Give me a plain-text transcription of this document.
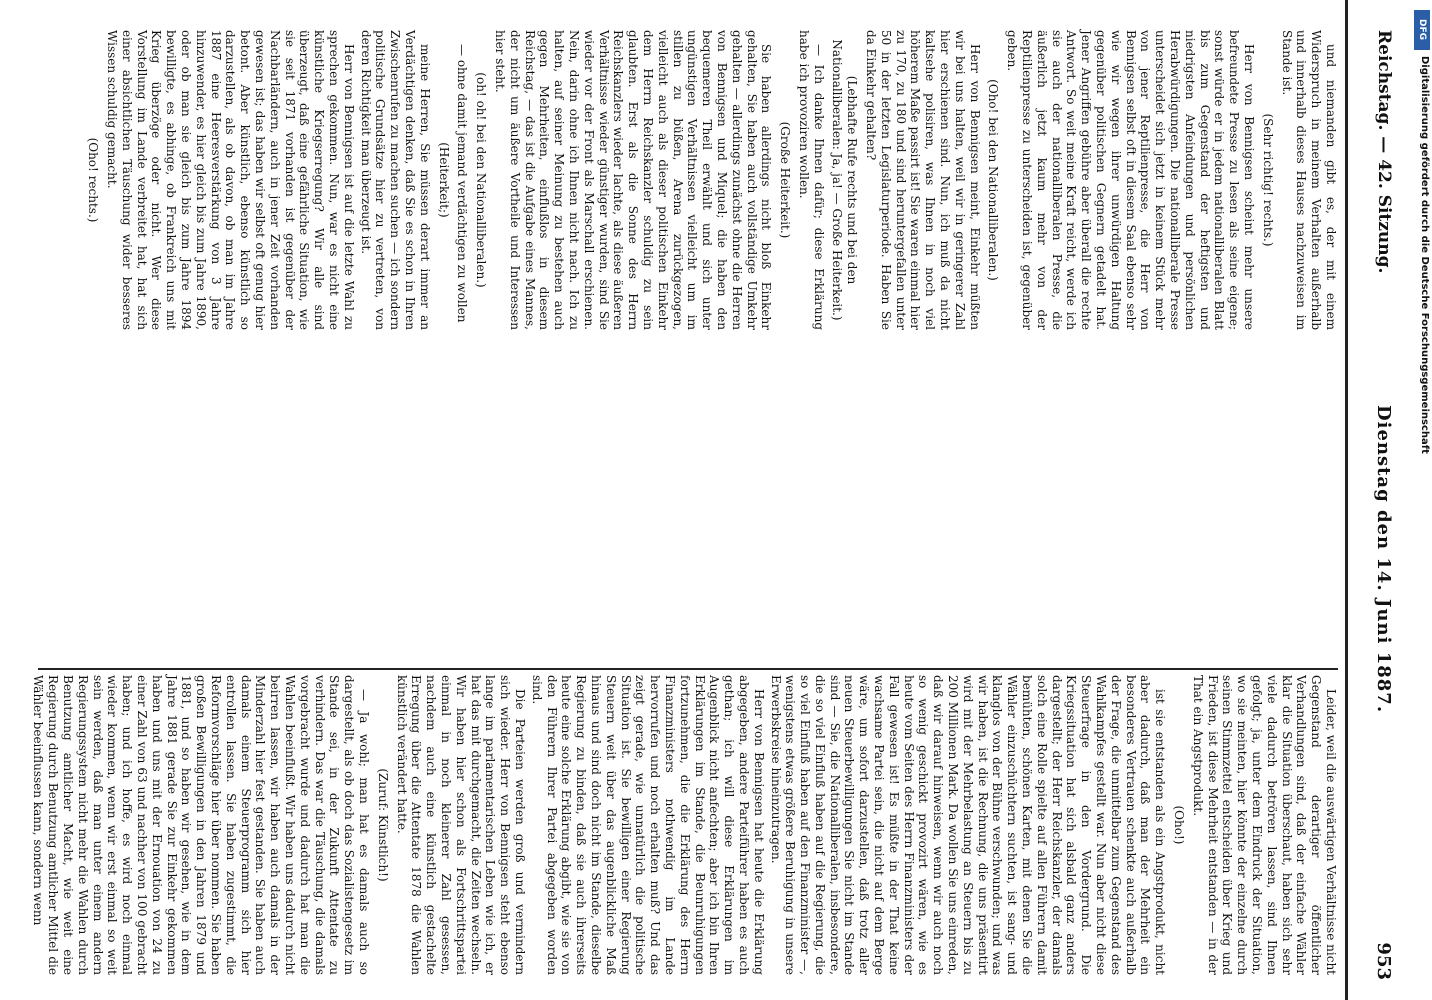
Reichstag. — 42. Sitzung.
Dienstag den 14. Juni 1887.
953

und niemanden gibt es, der mit einem Widerspruch in meinem Verhalten außerhalb und innerhalb dieses Hauses nachzuweisen im Stande ist.

(Sehr richtig! rechts.)

Herr von Bennigsen scheint mehr unsere befreundete Presse zu lesen als seine eigene; sonst würde er in jedem nationalliberalen Blatt bis zum Gegenstand der heftigsten und niedrigsten Anfeindungen und persönlichen Herabwürdigungen. Die nationalliberale Presse unterscheidet sich jetzt in keinem Stück mehr von jener Reptilienpresse, die Herr von Bennigsen selbst oft in diesem Saal ebenso sehr wie wir wegen ihrer unwürdigen Haltung gegenüber politischen Gegnern getadelt hat. Jener Angriffen gebühre aber überall die rechte Antwort. So weit meine Kraft reicht, werde ich sie auch der nationalliberalen Presse, die äußerlich jetzt kaum mehr von der Reptilienpresse zu unterscheiden ist, gegenüber geben.

(Oho! bei den Nationalliberalen.)

Herr von Bennigsen meint, Einkehr müßten wir bei uns halten, weil wir in geringerer Zahl hier erschienen sind. Nun, ich muß da nicht kaltsehe polisiren, was Ihnen in noch viel höherem Maße passirt ist! Sie waren einmal hier zu 170, zu 180 und sind heruntergefallen unter 50 in der letzten Legislaturperiode. Haben Sie da Einkehr gehalten?

(Lebhafte Rufe rechts und bei den Nationalliberalen: Ja, ja! — Große Heiterkeit.)

— Ich danke Ihnen dafür; diese Erklärung habe ich provoziren wollen.

(Große Heiterkeit.)

Sie haben allerdings nicht bloß Einkehr gehalten, Sie haben auch vollständige Umkehr gehalten — allerdings zunächst ohne die Herren von Bennigsen und Miquel; die haben den bequemeren Theil erwählt und sich unter ungünstigen Verhältnissen vielleicht um im stillen zu büßen, Arena zurückgezogen, vielleicht auch als dieser politischen Einkehr dem Herrn Reichskanzler schuldig zu sein glaubten. Erst als die Sonne des Herrn Reichskanzlers wieder lachte, als diese äußeren Verhältnisse wieder günstiger wurden, sind Sie wieder vor der Front als Marschall erschienen. Nein, darin ohne ich Ihnen nicht nach. Ich zu halten, auf seiner Meinung zu bestehen auch gegen Mehrheiten, einflußlos in diesem Reichstag, — das ist die Aufgabe eines Mannes, der nicht um äußere Vortheile und Interessen hier steht.

(oh! oh! bei den Nationalliberalen.)

— ohne damit jemand verdächtigen zu wollen

(Heiterkeit;)

meine Herren, Sie müssen derart immer an Verdächtigen denken, daß Sie es schon in Ihren Zwischenrufen zu machen suchen — ich sondern politische Grundsätze hier zu vertreten, von deren Richtigkeit man überzeugt ist.

Herr von Bennigsen ist auf die letzte Wahl zu sprechen gekommen. Nun, war es nicht eine künstliche Kriegserregung? Wir alle sind überzeugt, daß eine gefährliche Situation, wie sie seit 1871 vorhanden ist gegenüber der Nachbarländern, auch in jener Zeit vorhanden gewesen ist; das haben wir selbst oft genug hier betont. Aber künstlich, ebenso künstlich so darzustellen, als ob davon, ob man im Jahre 1887 eine Heeresverstärkung von 3 Jahre hinzuwender, es hier gleich bis zum Jahre 1890, oder ob man sie gleich bis zum Jahre 1894 bewilligte, es abhinge, ob Frankreich uns mit Krieg überzöge oder nicht. Wer diese Vorstellung im Lande verbreitet hat, hat sich einer absichtlichen Täuschung wider besseres Wissen schuldig gemacht.

(Oho! rechts.)

Leider, weil die auswärtigen Verhältnisse nicht Gegenstand derartiger öffentlicher Verhandlungen sind, daß der einfache Wähler klar die Situation überschaut, haben sich sehr viele dadurch betrören lassen, sind Ihnen gefolgt; ja, unter dem Eindruck der Situation, wo sie meinten, hier könnte der einzelne durch seinen Stimmzettel entscheiden über Krieg und Frieden, ist diese Mehrheit entstanden — in der That ein Angstprodukt.

(Oho!)

ist sie entstanden als ein Angstprodukt, nicht aber dadurch, daß man der Mehrheit ein besonderes Vertrauen schenkte auch außerhalb der Frage, die unmittelbar zum Gegenstand des Wahlkampfes gestellt war. Nun aber nicht diese Steuerfrage in den Vordergrund. Die Kriegssituation hat sich alsbald ganz anders dargestellt; der Herr Reichskanzler, der damals solch eine Rolle spielte auf allen Führern damit bemühten, schönen Karten, mit denen Sie die Wähler einzuschüchtern suchten, ist sang- und klanglos von der Bühne verschwunden; und was wir haben, ist die Rechnung, die uns präsentirt wird mit der Mehrbelastung an Steuern bis zu 200 Millionen Mark. Da wollen Sie uns einreden, daß wir darauf hinweisen, wenn wir auch noch so wenig geschickt provozirt wären, wie es heute vom Seiten des Herrn Finanzministers der Fall gewesen ist! Es müßte in der That keine wachsame Partei sein, die nicht auf dem Berge wäre, um sofort darzustellen, daß trotz aller neuen Steuerbewilligungen Sie nicht im Stande sind — Sie, die Nationalliberalen, insbesondere, die so viel Einfluß haben auf die Regierung, die so viel Einfluß haben auf den Finanzminister —, wenigstens etwas größere Beruhigung in unsere Erwerbskreise hineinzutragen.

Herr von Bennigsen hat heute die Erklärung abgegeben, andere Parteiführer haben es auch gethan; ich will diese Erklärungen im Augenblick nicht anfechten; aber ich bin Ihren Erklärungen im Stande, die Beunruhigungen fortzunehmen, die die Erklärung des Herrn Finanzministers nothwendig im Lande hervorrufen und noch erhalten muß? Und das zeigt gerade, wie unnatürlich die politische Situation ist. Sie bewilligen einer Regierung Steuern weit über das augenblickliche Maß hinaus und sind doch nicht im Stande, dieselbe Regierung zu binden, daß sie auch ihrerseits heute eine solche Erklärung abgibt, wie sie von den Führern Ihrer Partei abgegeben worden sind.

Die Parteien werden groß und vermindern sich wieder. Herr von Bennigsen steht ebenso lange im parlamentarischen Leben wie ich, er hat das mit durchgemacht, die Zeiten wechseln. Wir haben hier schon als Fortschrittspartei einmal in noch kleinerer Zahl gesessen, nachdem auch eine künstlich gestachelte Erregung über die Attentate 1878 die Wahlen künstlich verändert hatte.

(Zuruf: Künstlich!)

— Ja wohl; man hat es damals auch so dargestellt, als ob doch das Sozialistengesetz im Stande sei, in der Zukunft Attentate zu verhindern. Das war die Täuschung, die damals vorgebracht wurde und dadurch hat man die Wahlen beeinflußt. Wir haben uns dadurch nicht beirren lassen, wir haben auch damals in der Minderzahl hier fest gestanden. Sie haben auch damals einem Steuerprogramm sich hier entrollen lassen. Sie haben zugestimmt, die Reformvorschläge hier über nommen. Sie haben großen Bewilligungen in den Jahren 1879 und 1881, und so haben wir gesehen, wie in dem Jahre 1881 gerade Sie zur Einkehr gekommen haben und uns mit der Ernouation von 24 zu einer Zahl von 63 und nachher von 100 gebracht haben; und ich hoffe, es wird noch einmal wieder kommen, wenn wir erst einmal so weit sein werden, daß man unter einem andern Regierungssystem nicht mehr die Wahlen durch Benutzung amtlicher Macht, wie weit eine Regierung durch Benutzung amtlicher Mittel die Wähler beeinflussen kann, sondern wenn

DFG
Digitalisierung gefördert durch die Deutsche Forschungsgemeinschaft
